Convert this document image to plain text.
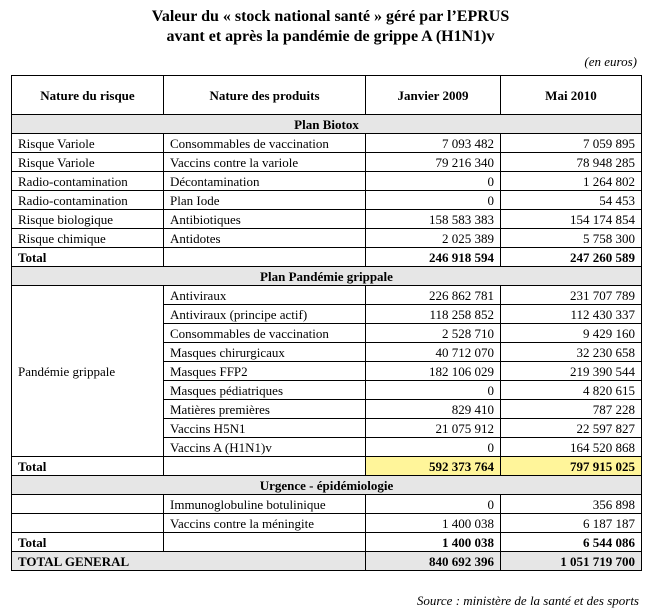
Valeur du « stock national santé » géré par l’EPRUS
avant et après la pandémie de grippe A (H1N1)v
(en euros)
Nature du risque	Nature des produits	Janvier 2009	Mai 2010
Plan Biotox			
Risque Variole	Consommables de vaccination	7 093 482	7 059 895
Risque Variole	Vaccins contre la variole	79 216 340	78 948 285
Radio-contamination	Décontamination	0	1 264 802
Radio-contamination	Plan Iode	0	54 453
Risque biologique	Antibiotiques	158 583 383	154 174 854
Risque chimique	Antidotes	2 025 389	5 758 300
Total		246 918 594	247 260 589
Plan Pandémie grippale			
Pandémie grippale	Antiviraux	226 862 781	231 707 789
	Antiviraux (principe actif)	118 258 852	112 430 337
	Consommables de vaccination	2 528 710	9 429 160
	Masques chirurgicaux	40 712 070	32 230 658
	Masques FFP2	182 106 029	219 390 544
	Masques pédiatriques	0	4 820 615
	Matières premières	829 410	787 228
	Vaccins H5N1	21 075 912	22 597 827
	Vaccins A (H1N1)v	0	164 520 868
Total		592 373 764	797 915 025
Urgence - épidémiologie			
	Immunoglobuline botulinique	0	356 898
	Vaccins contre la méningite	1 400 038	6 187 187
Total		1 400 038	6 544 086
TOTAL GENERAL		840 692 396	1 051 719 700
Source : ministère de la santé et des sports
